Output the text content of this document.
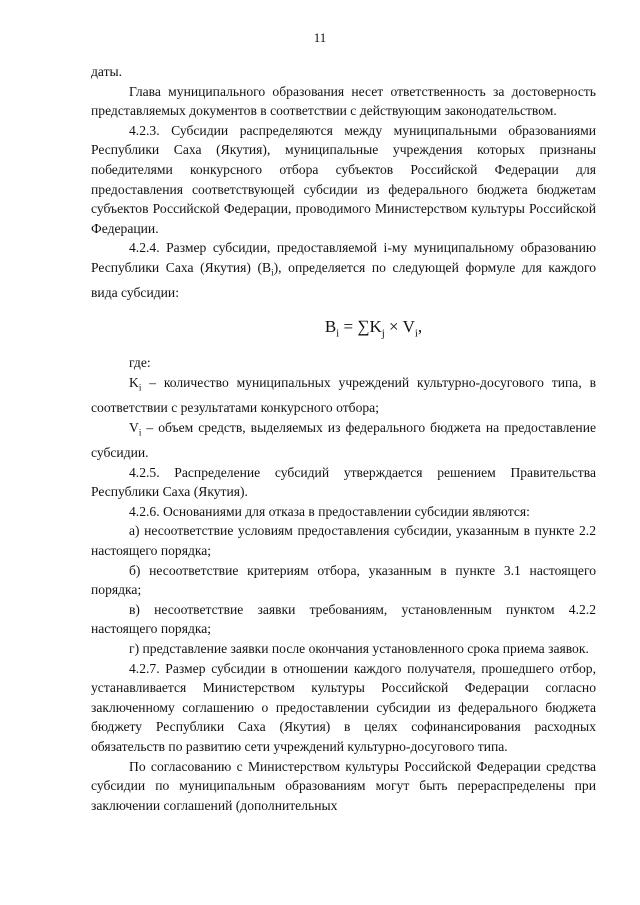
11

даты.

Глава муниципального образования несет ответственность за достоверность представляемых документов в соответствии с действующим законодательством.

4.2.3. Субсидии распределяются между муниципальными образованиями Республики Саха (Якутия), муниципальные учреждения которых признаны победителями конкурсного отбора субъектов Российской Федерации для предоставления соответствующей субсидии из федерального бюджета бюджетам субъектов Российской Федерации, проводимого Министерством культуры Российской Федерации.

4.2.4. Размер субсидии, предоставляемой i-му муниципальному образованию Республики Саха (Якутия) $(B_i)$, определяется по следующей формуле для каждого вида субсидии:

$B_i = \sum K_j \times V_i$,

где:

$K_i$ – количество муниципальных учреждений культурно-досугового типа, в соответствии с результатами конкурсного отбора;

$V_i$ – объем средств, выделяемых из федерального бюджета на предоставление субсидии.

4.2.5. Распределение субсидий утверждается решением Правительства Республики Саха (Якутия).

4.2.6. Основаниями для отказа в предоставлении субсидии являются:

а) несоответствие условиям предоставления субсидии, указанным в пункте 2.2 настоящего порядка;

б) несоответствие критериям отбора, указанным в пункте 3.1 настоящего порядка;

в) несоответствие заявки требованиям, установленным пунктом 4.2.2 настоящего порядка;

г) представление заявки после окончания установленного срока приема заявок.

4.2.7. Размер субсидии в отношении каждого получателя, прошедшего отбор, устанавливается Министерством культуры Российской Федерации согласно заключенному соглашению о предоставлении субсидии из федерального бюджета бюджету Республики Саха (Якутия) в целях софинансирования расходных обязательств по развитию сети учреждений культурно-досугового типа.

По согласованию с Министерством культуры Российской Федерации средства субсидии по муниципальным образованиям могут быть перераспределены при заключении соглашений (дополнительных
